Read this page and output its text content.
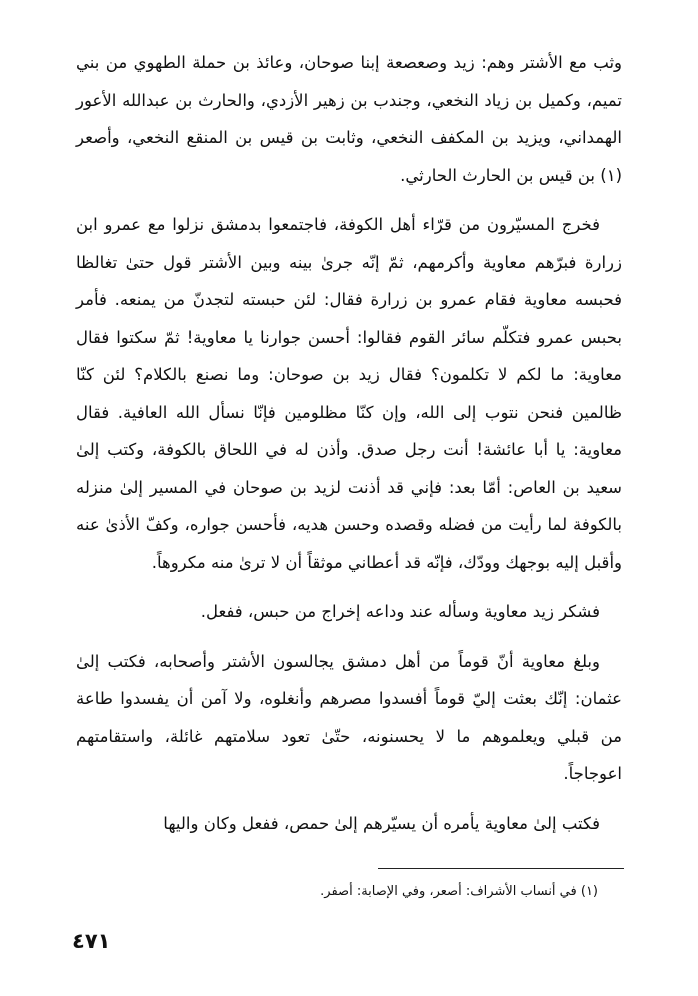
وثب مع الأشتر وهم: زيد وصعصعة إبنا صوحان، وعائذ بن حملة الطهوي من بني تميم، وكميل بن زياد النخعي، وجندب بن زهير الأزدي، والحارث بن عبدالله الأعور الهمداني، ويزيد بن المكفف النخعي، وثابت بن قيس بن المنقع النخعي، وأصعر (١) بن قيس بن الحارث الحارثي.

فخرج المسيّرون من قرّاء أهل الكوفة، فاجتمعوا بدمشق نزلوا مع عمرو ابن زرارة فبرّهم معاوية وأكرمهم، ثمّ إنّه جرىٰ بينه وبين الأشتر قول حتىٰ تغالظا فحبسه معاوية فقام عمرو بن زرارة فقال: لئن حبسته لتجدنّ من يمنعه. فأمر بحبس عمرو فتكلّم سائر القوم فقالوا: أحسن جوارنا يا معاوية! ثمّ سكتوا فقال معاوية: ما لكم لا تكلمون؟ فقال زيد بن صوحان: وما نصنع بالكلام؟ لئن كنّا ظالمين فنحن نتوب إلى الله، وإن كنّا مظلومين فإنّا نسأل الله العافية. فقال معاوية: يا أبا عائشة! أنت رجل صدق. وأذن له في اللحاق بالكوفة، وكتب إلىٰ سعيد بن العاص: أمّا بعد: فإني قد أذنت لزيد بن صوحان في المسير إلىٰ منزله بالكوفة لما رأيت من فضله وقصده وحسن هديه، فأحسن جواره، وكفّ الأذىٰ عنه وأقبل إليه بوجهك وودّك، فإنّه قد أعطاني موثقاً أن لا ترىٰ منه مكروهاً.

فشكر زيد معاوية وسأله عند وداعه إخراج من حبس، ففعل.

وبلغ معاوية أنّ قوماً من أهل دمشق يجالسون الأشتر وأصحابه، فكتب إلىٰ عثمان: إنّك بعثت إليّ قوماً أفسدوا مصرهم وأنغلوه، ولا آمن أن يفسدوا طاعة من قبلي ويعلموهم ما لا يحسنونه، حتّىٰ تعود سلامتهم غائلة، واستقامتهم اعوجاجاً.

فكتب إلىٰ معاوية يأمره أن يسيّرهم إلىٰ حمص، ففعل وكان واليها

(١) في أنساب الأشراف: أصعر، وفي الإصابة: أصفر.
٤٧١
